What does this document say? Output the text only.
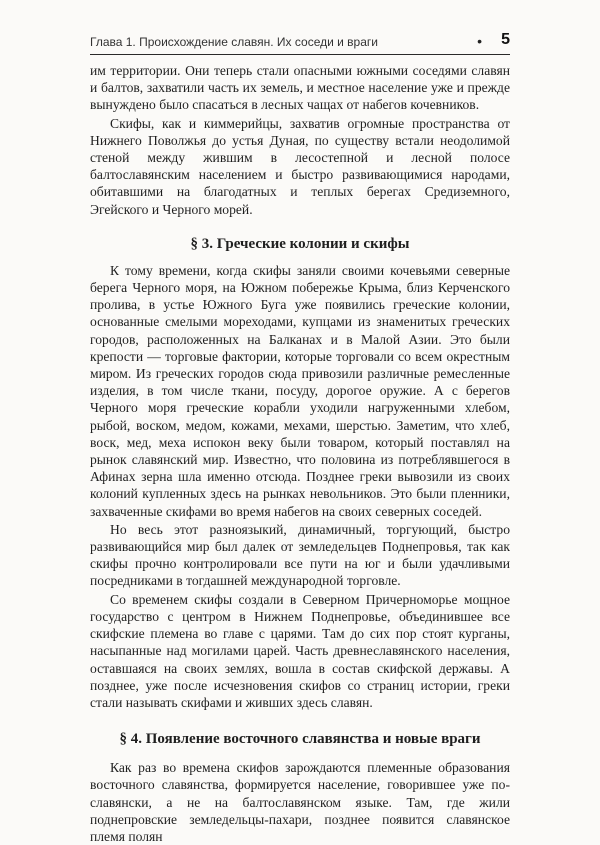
Глава 1. Происхождение славян. Их соседи и враги	• 5

им территории. Они теперь стали опасными южными соседями славян и балтов, захватили часть их земель, и местное население уже и прежде вынуждено было спасаться в лесных чащах от набегов кочевников.

Скифы, как и киммерийцы, захватив огромные пространства от Нижнего Поволжья до устья Дуная, по существу встали неодолимой стеной между жившим в лесостепной и лесной полосе балтославянским населением и быстро развивающимися народами, обитавшими на благодатных и теплых берегах Средиземного, Эгейского и Черного морей.

§ 3. Греческие колонии и скифы

К тому времени, когда скифы заняли своими кочевьями северные берега Черного моря, на Южном побережье Крыма, близ Керченского пролива, в устье Южного Буга уже появились греческие колонии, основанные смелыми мореходами, купцами из знаменитых греческих городов, расположенных на Балканах и в Малой Азии. Это были крепости — торговые фактории, которые торговали со всем окрестным миром. Из греческих городов сюда привозили различные ремесленные изделия, в том числе ткани, посуду, дорогое оружие. А с берегов Черного моря греческие корабли уходили нагруженными хлебом, рыбой, воском, медом, кожами, мехами, шерстью. Заметим, что хлеб, воск, мед, меха испокон веку были товаром, который поставлял на рынок славянский мир. Известно, что половина из потреблявшегося в Афинах зерна шла именно отсюда. Позднее греки вывозили из своих колоний купленных здесь на рынках невольников. Это были пленники, захваченные скифами во время набегов на своих северных соседей.

Но весь этот разноязыкий, динамичный, торгующий, быстро развивающийся мир был далек от земледельцев Поднепровья, так как скифы прочно контролировали все пути на юг и были удачливыми посредниками в тогдашней международной торговле.

Со временем скифы создали в Северном Причерноморье мощное государство с центром в Нижнем Поднепровье, объединившее все скифские племена во главе с царями. Там до сих пор стоят курганы, насыпанные над могилами царей. Часть древнеславянского населения, оставшаяся на своих землях, вошла в состав скифской державы. А позднее, уже после исчезновения скифов со страниц истории, греки стали называть скифами и живших здесь славян.

§ 4. Появление восточного славянства и новые враги

Как раз во времена скифов зарождаются племенные образования восточного славянства, формируется население, говорившее уже по-славянски, а не на балтославянском языке. Там, где жили поднепровские земледельцы-пахари, позднее появится славянское племя полян
